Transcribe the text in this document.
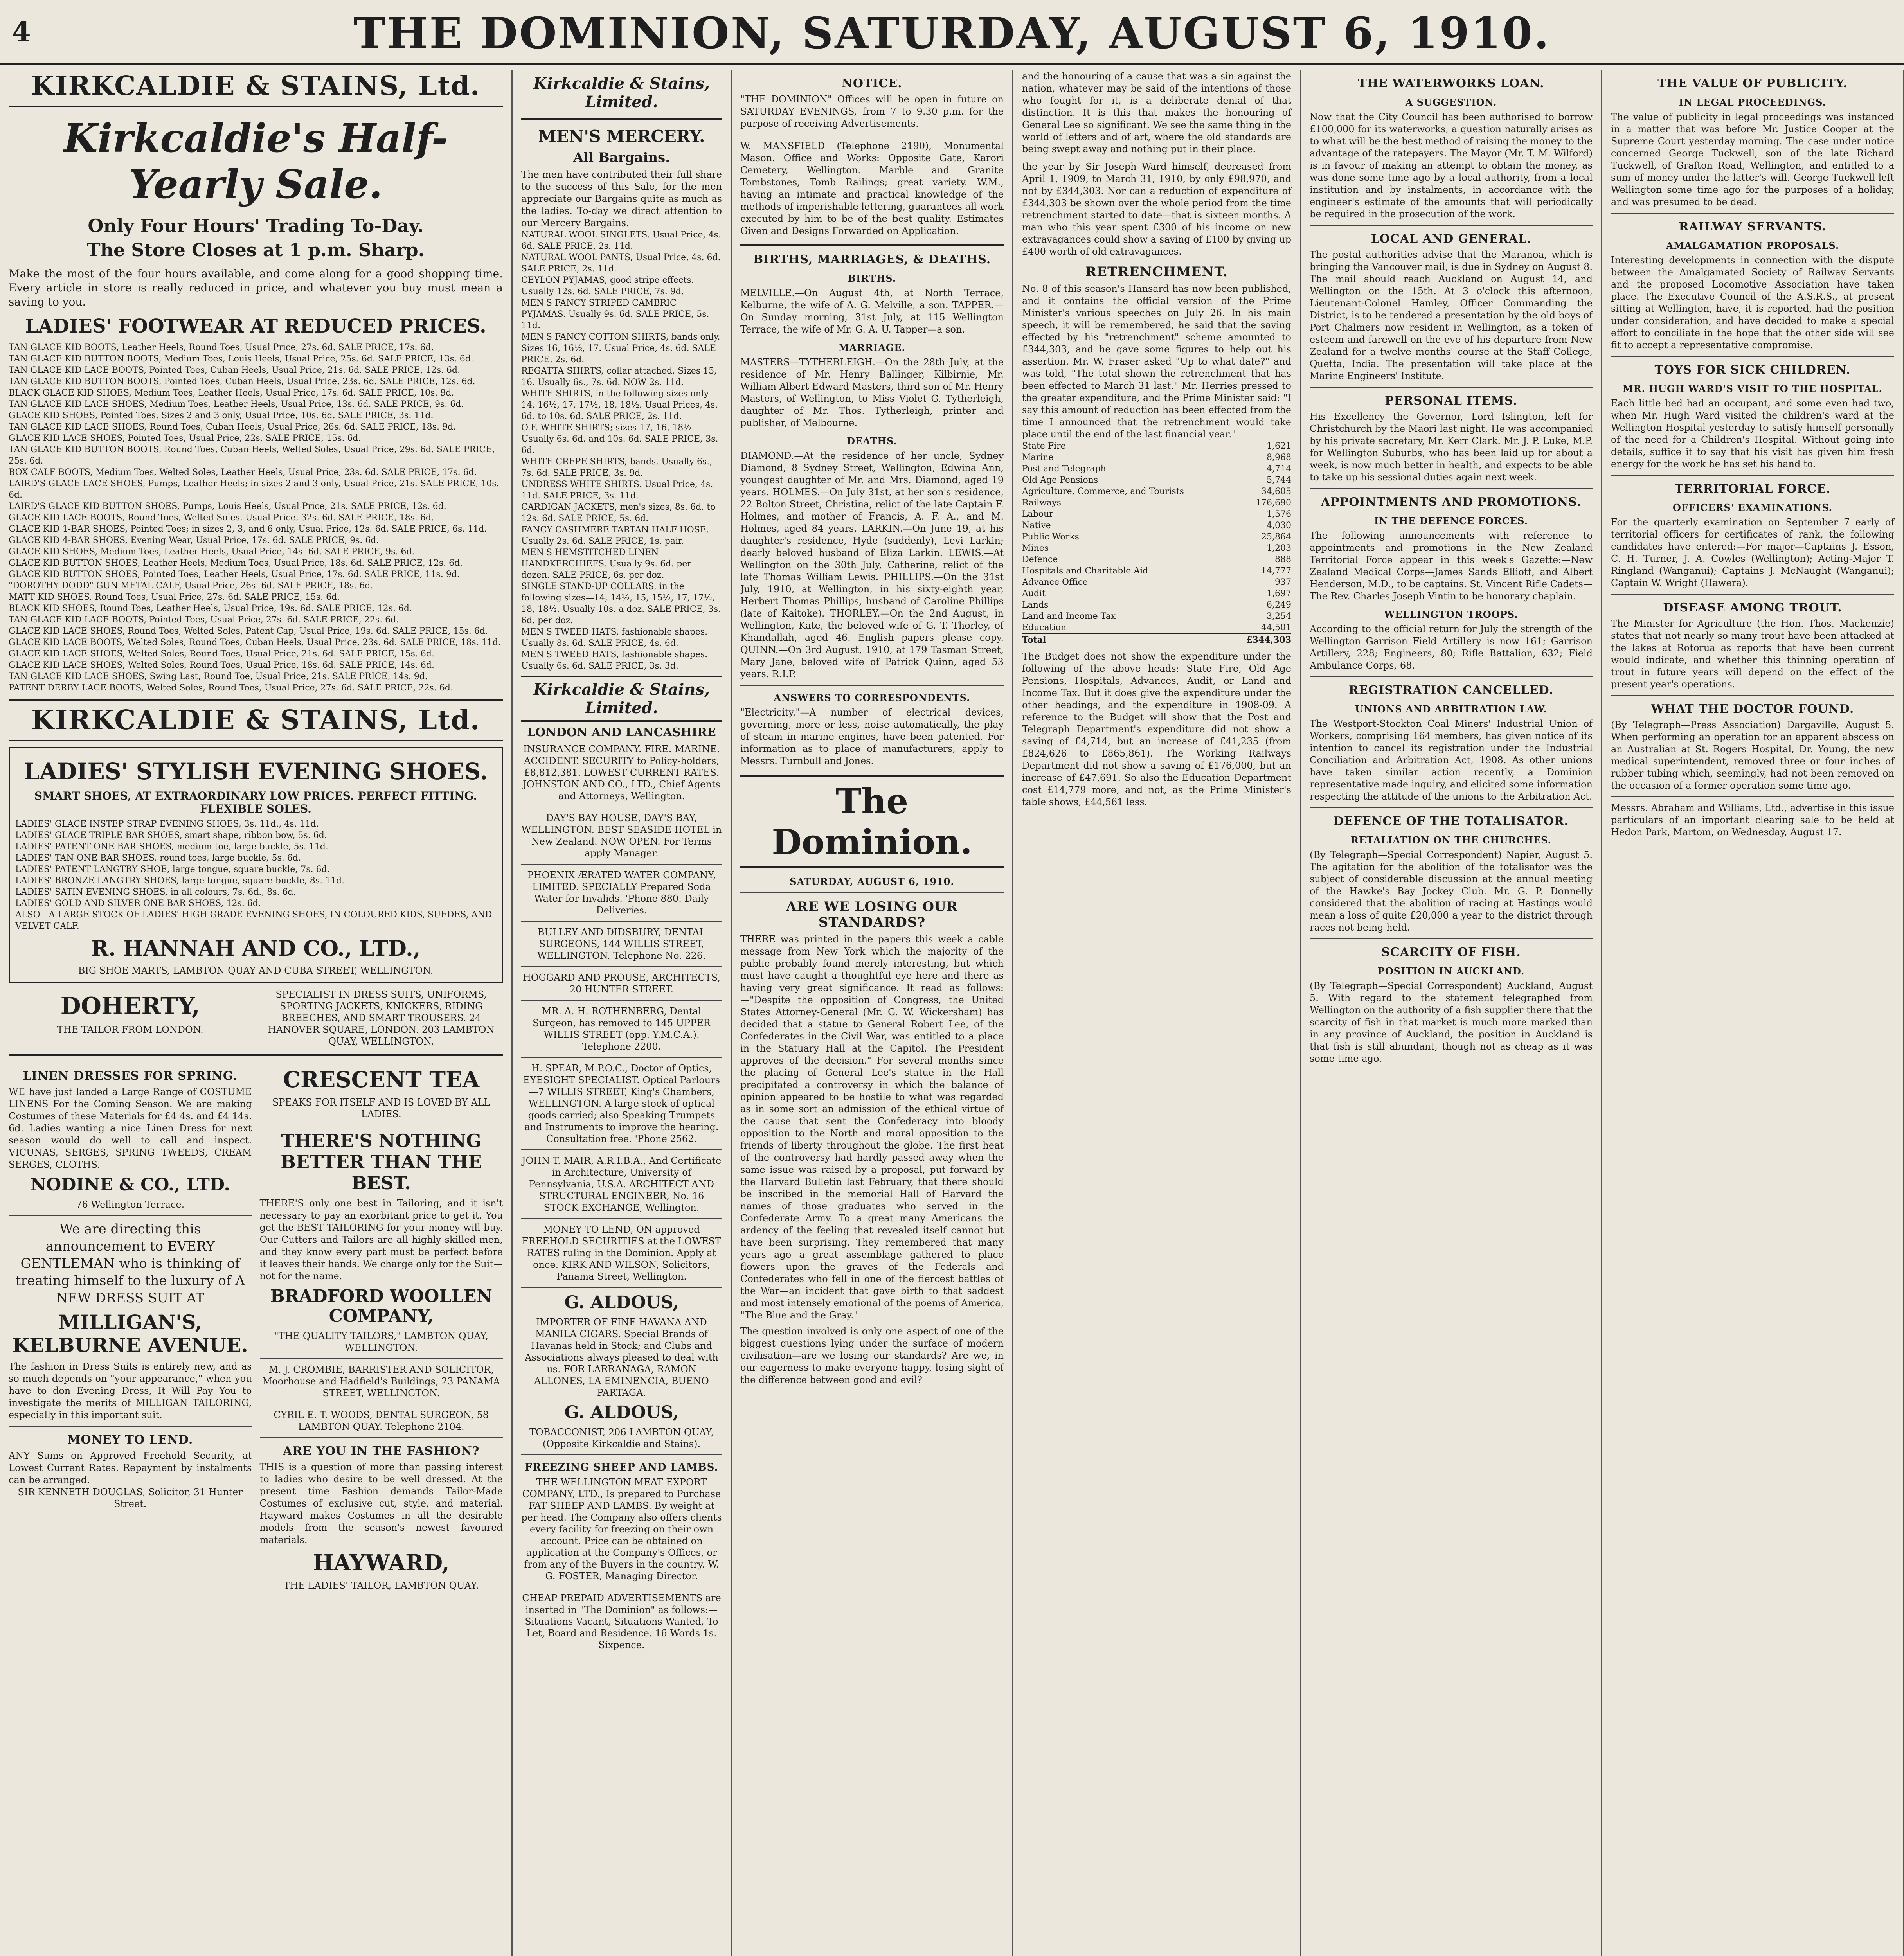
4	THE DOMINION, SATURDAY, AUGUST 6, 1910.
KIRKCALDIE & STAINS, Ltd.
Kirkcaldie's Half-Yearly Sale.
Only Four Hours' Trading To-Day.
The Store Closes at 1 p.m. Sharp.
Make the most of the four hours available, and come along for a good shopping time. Every article in store is really reduced in price, and whatever you buy must mean a saving to you.
LADIES' FOOTWEAR AT REDUCED PRICES.
TAN GLACE KID BOOTS, Leather Heels, Round Toes, Usual Price, 27s. 6d. SALE PRICE, 17s. 6d.
TAN GLACE KID BUTTON BOOTS, Medium Toes, Louis Heels, Usual Price, 25s. 6d. SALE PRICE, 13s. 6d.
TAN GLACE KID LACE BOOTS, Pointed Toes, Cuban Heels, Usual Price, 21s. 6d. SALE PRICE, 12s. 6d.
TAN GLACE KID BUTTON BOOTS, Pointed Toes, Cuban Heels, Usual Price, 23s. 6d. SALE PRICE, 12s. 6d.
BLACK GLACE KID SHOES, Medium Toes, Leather Heels, Usual Price, 17s. 6d. SALE PRICE, 10s. 9d.
TAN GLACE KID LACE SHOES, Medium Toes, Leather Heels, Usual Price, 13s. 6d. SALE PRICE, 9s. 6d.
GLACE KID SHOES, Pointed Toes, Sizes 2 and 3 only, Usual Price, 10s. 6d. SALE PRICE, 3s. 11d.
TAN GLACE KID LACE SHOES, Round Toes, Cuban Heels, Usual Price, 26s. 6d. SALE PRICE, 18s. 9d.
GLACE KID LACE SHOES, Pointed Toes, Usual Price, 22s. SALE PRICE, 15s. 6d.
TAN GLACE KID BUTTON BOOTS, Round Toes, Cuban Heels, Welted Soles, Usual Price, 29s. 6d. SALE PRICE, 25s. 6d.
BOX CALF BOOTS, Medium Toes, Welted Soles, Leather Heels, Usual Price, 23s. 6d. SALE PRICE, 17s. 6d.
LAIRD'S GLACE LACE SHOES, Pumps, Leather Heels; in sizes 2 and 3 only, Usual Price, 21s. SALE PRICE, 10s. 6d.
LAIRD'S GLACE KID BUTTON SHOES, Pumps, Louis Heels, Usual Price, 21s. SALE PRICE, 12s. 6d.
GLACE KID LACE BOOTS, Round Toes, Welted Soles, Usual Price, 32s. 6d. SALE PRICE, 18s. 6d.
GLACE KID 1-BAR SHOES, Pointed Toes; in sizes 2, 3, and 6 only, Usual Price, 12s. 6d. SALE PRICE, 6s. 11d.
GLACE KID 4-BAR SHOES, Evening Wear, Usual Price, 17s. 6d. SALE PRICE, 9s. 6d.
GLACE KID SHOES, Medium Toes, Leather Heels, Usual Price, 14s. 6d. SALE PRICE, 9s. 6d.
GLACE KID BUTTON SHOES, Leather Heels, Medium Toes, Usual Price, 18s. 6d. SALE PRICE, 12s. 6d.
GLACE KID BUTTON SHOES, Pointed Toes, Leather Heels, Usual Price, 17s. 6d. SALE PRICE, 11s. 9d.
"DOROTHY DODD" GUN-METAL CALF, Usual Price, 26s. 6d. SALE PRICE, 18s. 6d.
MATT KID SHOES, Round Toes, Usual Price, 27s. 6d. SALE PRICE, 15s. 6d.
BLACK KID SHOES, Round Toes, Leather Heels, Usual Price, 19s. 6d. SALE PRICE, 12s. 6d.
TAN GLACE KID LACE BOOTS, Pointed Toes, Usual Price, 27s. 6d. SALE PRICE, 22s. 6d.
GLACE KID LACE SHOES, Round Toes, Welted Soles, Patent Cap, Usual Price, 19s. 6d. SALE PRICE, 15s. 6d.
GLACE KID LACE BOOTS, Welted Soles, Round Toes, Cuban Heels, Usual Price, 23s. 6d. SALE PRICE, 18s. 11d.
GLACE KID LACE SHOES, Welted Soles, Round Toes, Usual Price, 21s. 6d. SALE PRICE, 15s. 6d.
GLACE KID LACE SHOES, Welted Soles, Round Toes, Usual Price, 18s. 6d. SALE PRICE, 14s. 6d.
TAN GLACE KID LACE SHOES, Swing Last, Round Toe, Usual Price, 21s. SALE PRICE, 14s. 9d.
PATENT DERBY LACE BOOTS, Welted Soles, Round Toes, Usual Price, 27s. 6d. SALE PRICE, 22s. 6d.
KIRKCALDIE & STAINS, Ltd.
LADIES' STYLISH EVENING SHOES.
SMART SHOES, AT EXTRAORDINARY LOW PRICES. PERFECT FITTING. FLEXIBLE SOLES.
LADIES' GLACE INSTEP STRAP EVENING SHOES, 3s. 11d., 4s. 11d.
LADIES' GLACE TRIPLE BAR SHOES, smart shape, ribbon bow, 5s. 6d.
LADIES' PATENT ONE BAR SHOES, medium toe, large buckle, 5s. 11d.
LADIES' TAN ONE BAR SHOES, round toes, large buckle, 5s. 6d.
LADIES' PATENT LANGTRY SHOE, large tongue, square buckle, 7s. 6d.
LADIES' BRONZE LANGTRY SHOES, large tongue, square buckle, 8s. 11d.
LADIES' SATIN EVENING SHOES, in all colours, 7s. 6d., 8s. 6d.
LADIES' GOLD AND SILVER ONE BAR SHOES, 12s. 6d.
ALSO—A LARGE STOCK OF LADIES' HIGH-GRADE EVENING SHOES, IN COLOURED KIDS, SUEDES, AND VELVET CALF.
R. HANNAH AND CO., LTD.,
BIG SHOE MARTS, LAMBTON QUAY AND CUBA STREET, WELLINGTON.
DOHERTY,
THE TAILOR FROM LONDON.
SPECIALIST IN DRESS SUITS, UNIFORMS, SPORTING JACKETS, KNICKERS, RIDING BREECHES, AND SMART TROUSERS. 24 HANOVER SQUARE, LONDON. 203 LAMBTON QUAY, WELLINGTON.
LINEN DRESSES FOR SPRING.
WE have just landed a Large Range of COSTUME LINENS For the Coming Season. We are making Costumes of these Materials for £4 4s. and £4 14s. 6d. Ladies wanting a nice Linen Dress for next season would do well to call and inspect. VICUNAS, SERGES, SPRING TWEEDS, CREAM SERGES, CLOTHS.
NODINE & CO., LTD.
76 Wellington Terrace.
We are directing this announcement to EVERY GENTLEMAN who is thinking of treating himself to the luxury of A NEW DRESS SUIT AT
MILLIGAN'S, KELBURNE AVENUE.
The fashion in Dress Suits is entirely new, and as so much depends on "your appearance," when you have to don Evening Dress, It Will Pay You to investigate the merits of MILLIGAN TAILORING, especially in this important suit.
MONEY TO LEND.
ANY Sums on Approved Freehold Security, at Lowest Current Rates. Repayment by instalments can be arranged.
SIR KENNETH DOUGLAS, Solicitor, 31 Hunter Street.
CRESCENT TEA
SPEAKS FOR ITSELF AND IS LOVED BY ALL LADIES.
THERE'S NOTHING BETTER THAN THE BEST.
THERE'S only one best in Tailoring, and it isn't necessary to pay an exorbitant price to get it. You get the BEST TAILORING for your money will buy. Our Cutters and Tailors are all highly skilled men, and they know every part must be perfect before it leaves their hands. We charge only for the Suit—not for the name.
BRADFORD WOOLLEN COMPANY,
"THE QUALITY TAILORS," LAMBTON QUAY, WELLINGTON.
M. J. CROMBIE, BARRISTER AND SOLICITOR, Moorhouse and Hadfield's Buildings, 23 PANAMA STREET, WELLINGTON.
CYRIL E. T. WOODS, DENTAL SURGEON, 58 LAMBTON QUAY. Telephone 2104.
ARE YOU IN THE FASHION?
THIS is a question of more than passing interest to ladies who desire to be well dressed. At the present time Fashion demands Tailor-Made Costumes of exclusive cut, style, and material. Hayward makes Costumes in all the desirable models from the season's newest favoured materials.
HAYWARD,
THE LADIES' TAILOR, LAMBTON QUAY.
Kirkcaldie & Stains, Limited.
MEN'S MERCERY.
All Bargains.
The men have contributed their full share to the success of this Sale, for the men appreciate our Bargains quite as much as the ladies. To-day we direct attention to our Mercery Bargains.
NATURAL WOOL SINGLETS. Usual Price, 4s. 6d. SALE PRICE, 2s. 11d.
NATURAL WOOL PANTS, Usual Price, 4s. 6d. SALE PRICE, 2s. 11d.
CEYLON PYJAMAS, good stripe effects. Usually 12s. 6d. SALE PRICE, 7s. 9d.
MEN'S FANCY STRIPED CAMBRIC PYJAMAS. Usually 9s. 6d. SALE PRICE, 5s. 11d.
MEN'S FANCY COTTON SHIRTS, bands only. Sizes 16, 16½, 17. Usual Price, 4s. 6d. SALE PRICE, 2s. 6d.
REGATTA SHIRTS, collar attached. Sizes 15, 16. Usually 6s., 7s. 6d. NOW 2s. 11d.
WHITE SHIRTS, in the following sizes only—14, 16½, 17, 17½, 18, 18½. Usual Prices, 4s. 6d. to 10s. 6d. SALE PRICE, 2s. 11d.
O.F. WHITE SHIRTS; sizes 17, 16, 18½. Usually 6s. 6d. and 10s. 6d. SALE PRICE, 3s. 6d.
WHITE CREPE SHIRTS, bands. Usually 6s., 7s. 6d. SALE PRICE, 3s. 9d.
UNDRESS WHITE SHIRTS. Usual Price, 4s. 11d. SALE PRICE, 3s. 11d.
CARDIGAN JACKETS, men's sizes, 8s. 6d. to 12s. 6d. SALE PRICE, 5s. 6d.
FANCY CASHMERE TARTAN HALF-HOSE. Usually 2s. 6d. SALE PRICE, 1s. pair.
MEN'S HEMSTITCHED LINEN HANDKERCHIEFS. Usually 9s. 6d. per dozen. SALE PRICE, 6s. per doz.
SINGLE STAND-UP COLLARS, in the following sizes—14, 14½, 15, 15½, 17, 17½, 18, 18½. Usually 10s. a doz. SALE PRICE, 3s. 6d. per doz.
MEN'S TWEED HATS, fashionable shapes. Usually 8s. 6d. SALE PRICE, 4s. 6d.
MEN'S TWEED HATS, fashionable shapes. Usually 6s. 6d. SALE PRICE, 3s. 3d.
Kirkcaldie & Stains, Limited.
LONDON AND LANCASHIRE
INSURANCE COMPANY. FIRE. MARINE. ACCIDENT. SECURITY to Policy-holders, £8,812,381. LOWEST CURRENT RATES. JOHNSTON AND CO., LTD., Chief Agents and Attorneys, Wellington.
DAY'S BAY HOUSE, DAY'S BAY, WELLINGTON. BEST SEASIDE HOTEL in New Zealand. NOW OPEN. For Terms apply Manager.
PHOENIX ÆRATED WATER COMPANY, LIMITED. SPECIALLY Prepared Soda Water for Invalids. 'Phone 880. Daily Deliveries.
BULLEY AND DIDSBURY, DENTAL SURGEONS, 144 WILLIS STREET, WELLINGTON. Telephone No. 226.
HOGGARD AND PROUSE, ARCHITECTS, 20 HUNTER STREET.
MR. A. H. ROTHENBERG, Dental Surgeon, has removed to 145 UPPER WILLIS STREET (opp. Y.M.C.A.). Telephone 2200.
H. SPEAR, M.P.O.C., Doctor of Optics, EYESIGHT SPECIALIST. Optical Parlours—7 WILLIS STREET, King's Chambers, WELLINGTON. A large stock of optical goods carried; also Speaking Trumpets and Instruments to improve the hearing. Consultation free. 'Phone 2562.
JOHN T. MAIR, A.R.I.B.A., And Certificate in Architecture, University of Pennsylvania, U.S.A. ARCHITECT AND STRUCTURAL ENGINEER, No. 16 STOCK EXCHANGE, Wellington.
MONEY TO LEND, ON approved FREEHOLD SECURITIES at the LOWEST RATES ruling in the Dominion. Apply at once. KIRK AND WILSON, Solicitors, Panama Street, Wellington.
G. ALDOUS,
IMPORTER OF FINE HAVANA AND MANILA CIGARS. Special Brands of Havanas held in Stock; and Clubs and Associations always pleased to deal with us. FOR LARRANAGA, RAMON ALLONES, LA EMINENCIA, BUENO PARTAGA.
G. ALDOUS,
TOBACCONIST, 206 LAMBTON QUAY, (Opposite Kirkcaldie and Stains).
FREEZING SHEEP AND LAMBS.
THE WELLINGTON MEAT EXPORT COMPANY, LTD., Is prepared to Purchase FAT SHEEP AND LAMBS. By weight at per head. The Company also offers clients every facility for freezing on their own account. Price can be obtained on application at the Company's Offices, or from any of the Buyers in the country. W. G. FOSTER, Managing Director.
CHEAP PREPAID ADVERTISEMENTS are inserted in "The Dominion" as follows:—Situations Vacant, Situations Wanted, To Let, Board and Residence. 16 Words 1s. Sixpence.
NOTICE.
"THE DOMINION" Offices will be open in future on SATURDAY EVENINGS, from 7 to 9.30 p.m. for the purpose of receiving Advertisements.
W. MANSFIELD (Telephone 2190), Monumental Mason. Office and Works: Opposite Gate, Karori Cemetery, Wellington. Marble and Granite Tombstones, Tomb Railings; great variety. W.M., having an intimate and practical knowledge of the methods of imperishable lettering, guarantees all work executed by him to be of the best quality. Estimates Given and Designs Forwarded on Application.
BIRTHS, MARRIAGES, & DEATHS.
BIRTHS.
MELVILLE.—On August 4th, at North Terrace, Kelburne, the wife of A. G. Melville, a son. TAPPER.—On Sunday morning, 31st July, at 115 Wellington Terrace, the wife of Mr. G. A. U. Tapper—a son.
MARRIAGE.
MASTERS—TYTHERLEIGH.—On the 28th July, at the residence of Mr. Henry Ballinger, Kilbirnie, Mr. William Albert Edward Masters, third son of Mr. Henry Masters, of Wellington, to Miss Violet G. Tytherleigh, daughter of Mr. Thos. Tytherleigh, printer and publisher, of Melbourne.
DEATHS.
DIAMOND.—At the residence of her uncle, Sydney Diamond, 8 Sydney Street, Wellington, Edwina Ann, youngest daughter of Mr. and Mrs. Diamond, aged 19 years. HOLMES.—On July 31st, at her son's residence, 22 Bolton Street, Christina, relict of the late Captain F. Holmes, and mother of Francis, A. F. A., and M. Holmes, aged 84 years. LARKIN.—On June 19, at his daughter's residence, Hyde (suddenly), Levi Larkin; dearly beloved husband of Eliza Larkin. LEWIS.—At Wellington on the 30th July, Catherine, relict of the late Thomas William Lewis. PHILLIPS.—On the 31st July, 1910, at Wellington, in his sixty-eighth year, Herbert Thomas Phillips, husband of Caroline Phillips (late of Kaitoke). THORLEY.—On the 2nd August, in Wellington, Kate, the beloved wife of G. T. Thorley, of Khandallah, aged 46. English papers please copy. QUINN.—On 3rd August, 1910, at 179 Tasman Street, Mary Jane, beloved wife of Patrick Quinn, aged 53 years. R.I.P.
ANSWERS TO CORRESPONDENTS.
"Electricity."—A number of electrical devices, governing, more or less, noise automatically, the play of steam in marine engines, have been patented. For information as to place of manufacturers, apply to Messrs. Turnbull and Jones.
The Dominion.
SATURDAY, AUGUST 6, 1910.
ARE WE LOSING OUR STANDARDS?
THERE was printed in the papers this week a cable message from New York which the majority of the public probably found merely interesting, but which must have caught a thoughtful eye here and there as having very great significance. It read as follows:—"Despite the opposition of Congress, the United States Attorney-General (Mr. G. W. Wickersham) has decided that a statue to General Robert Lee, of the Confederates in the Civil War, was entitled to a place in the Statuary Hall at the Capitol. The President approves of the decision." For several months since the placing of General Lee's statue in the Hall precipitated a controversy in which the balance of opinion appeared to be hostile to what was regarded as in some sort an admission of the ethical virtue of the cause that sent the Confederacy into bloody opposition to the North and moral opposition to the friends of liberty throughout the globe. The first heat of the controversy had hardly passed away when the same issue was raised by a proposal, put forward by the Harvard Bulletin last February, that there should be inscribed in the memorial Hall of Harvard the names of those graduates who served in the Confederate Army. To a great many Americans the ardency of the feeling that revealed itself cannot but have been surprising. They remembered that many years ago a great assemblage gathered to place flowers upon the graves of the Federals and Confederates who fell in one of the fiercest battles of the War—an incident that gave birth to that saddest and most intensely emotional of the poems of America, "The Blue and the Gray."
The question involved is only one aspect of one of the biggest questions lying under the surface of modern civilisation—are we losing our standards? Are we, in our eagerness to make everyone happy, losing sight of the difference between good and evil?
and the honouring of a cause that was a sin against the nation, whatever may be said of the intentions of those who fought for it, is a deliberate denial of that distinction. It is this that makes the honouring of General Lee so significant. We see the same thing in the world of letters and of art, where the old standards are being swept away and nothing put in their place.
the year by Sir Joseph Ward himself, decreased from April 1, 1909, to March 31, 1910, by only £98,970, and not by £344,303. Nor can a reduction of expenditure of £344,303 be shown over the whole period from the time retrenchment started to date—that is sixteen months. A man who this year spent £300 of his income on new extravagances could show a saving of £100 by giving up £400 worth of old extravagances.
RETRENCHMENT.
No. 8 of this season's Hansard has now been published, and it contains the official version of the Prime Minister's various speeches on July 26. In his main speech, it will be remembered, he said that the saving effected by his "retrenchment" scheme amounted to £344,303, and he gave some figures to help out his assertion. Mr. W. Fraser asked "Up to what date?" and was told, "The total shown the retrenchment that has been effected to March 31 last." Mr. Herries pressed to the greater expenditure, and the Prime Minister said: "I say this amount of reduction has been effected from the time I announced that the retrenchment would take place until the end of the last financial year."
State Fire	1,621
Marine	8,968
Post and Telegraph	4,714
Old Age Pensions	5,744
Agriculture, Commerce, and Tourists	34,605
Railways	176,690
Labour	1,576
Native	4,030
Public Works	25,864
Mines	1,203
Defence	888
Hospitals and Charitable Aid	14,777
Advance Office	937
Audit	1,697
Lands	6,249
Land and Income Tax	3,254
Education	44,501
Total	£344,303
The Budget does not show the expenditure under the following of the above heads: State Fire, Old Age Pensions, Hospitals, Advances, Audit, or Land and Income Tax. But it does give the expenditure under the other headings, and the expenditure in 1908-09. A reference to the Budget will show that the Post and Telegraph Department's expenditure did not show a saving of £4,714, but an increase of £41,235 (from £824,626 to £865,861). The Working Railways Department did not show a saving of £176,000, but an increase of £47,691. So also the Education Department cost £14,779 more, and not, as the Prime Minister's table shows, £44,561 less.
THE WATERWORKS LOAN.
A SUGGESTION.
Now that the City Council has been authorised to borrow £100,000 for its waterworks, a question naturally arises as to what will be the best method of raising the money to the advantage of the ratepayers. The Mayor (Mr. T. M. Wilford) is in favour of making an attempt to obtain the money, as was done some time ago by a local authority, from a local institution and by instalments, in accordance with the engineer's estimate of the amounts that will periodically be required in the prosecution of the work.
LOCAL AND GENERAL.
The postal authorities advise that the Maranoa, which is bringing the Vancouver mail, is due in Sydney on August 8. The mail should reach Auckland on August 14, and Wellington on the 15th. At 3 o'clock this afternoon, Lieutenant-Colonel Hamley, Officer Commanding the District, is to be tendered a presentation by the old boys of Port Chalmers now resident in Wellington, as a token of esteem and farewell on the eve of his departure from New Zealand for a twelve months' course at the Staff College, Quetta, India. The presentation will take place at the Marine Engineers' Institute.
PERSONAL ITEMS.
His Excellency the Governor, Lord Islington, left for Christchurch by the Maori last night. He was accompanied by his private secretary, Mr. Kerr Clark. Mr. J. P. Luke, M.P. for Wellington Suburbs, who has been laid up for about a week, is now much better in health, and expects to be able to take up his sessional duties again next week.
APPOINTMENTS AND PROMOTIONS.
IN THE DEFENCE FORCES.
The following announcements with reference to appointments and promotions in the New Zealand Territorial Force appear in this week's Gazette:—New Zealand Medical Corps—James Sands Elliott, and Albert Henderson, M.D., to be captains. St. Vincent Rifle Cadets—The Rev. Charles Joseph Vintin to be honorary chaplain.
WELLINGTON TROOPS.
According to the official return for July the strength of the Wellington Garrison Field Artillery is now 161; Garrison Artillery, 228; Engineers, 80; Rifle Battalion, 632; Field Ambulance Corps, 68.
REGISTRATION CANCELLED.
UNIONS AND ARBITRATION LAW.
The Westport-Stockton Coal Miners' Industrial Union of Workers, comprising 164 members, has given notice of its intention to cancel its registration under the Industrial Conciliation and Arbitration Act, 1908. As other unions have taken similar action recently, a Dominion representative made inquiry, and elicited some information respecting the attitude of the unions to the Arbitration Act.
DEFENCE OF THE TOTALISATOR.
RETALIATION ON THE CHURCHES.
(By Telegraph—Special Correspondent) Napier, August 5. The agitation for the abolition of the totalisator was the subject of considerable discussion at the annual meeting of the Hawke's Bay Jockey Club. Mr. G. P. Donnelly considered that the abolition of racing at Hastings would mean a loss of quite £20,000 a year to the district through races not being held.
SCARCITY OF FISH.
POSITION IN AUCKLAND.
(By Telegraph—Special Correspondent) Auckland, August 5. With regard to the statement telegraphed from Wellington on the authority of a fish supplier there that the scarcity of fish in that market is much more marked than in any province of Auckland, the position in Auckland is that fish is still abundant, though not as cheap as it was some time ago.
THE VALUE OF PUBLICITY.
IN LEGAL PROCEEDINGS.
The value of publicity in legal proceedings was instanced in a matter that was before Mr. Justice Cooper at the Supreme Court yesterday morning. The case under notice concerned George Tuckwell, son of the late Richard Tuckwell, of Grafton Road, Wellington, and entitled to a sum of money under the latter's will. George Tuckwell left Wellington some time ago for the purposes of a holiday, and was presumed to be dead.
RAILWAY SERVANTS.
AMALGAMATION PROPOSALS.
Interesting developments in connection with the dispute between the Amalgamated Society of Railway Servants and the proposed Locomotive Association have taken place. The Executive Council of the A.S.R.S., at present sitting at Wellington, have, it is reported, had the position under consideration, and have decided to make a special effort to conciliate in the hope that the other side will see fit to accept a representative compromise.
TOYS FOR SICK CHILDREN.
MR. HUGH WARD'S VISIT TO THE HOSPITAL.
Each little bed had an occupant, and some even had two, when Mr. Hugh Ward visited the children's ward at the Wellington Hospital yesterday to satisfy himself personally of the need for a Children's Hospital. Without going into details, suffice it to say that his visit has given him fresh energy for the work he has set his hand to.
TERRITORIAL FORCE.
OFFICERS' EXAMINATIONS.
For the quarterly examination on September 7 early of territorial officers for certificates of rank, the following candidates have entered:—For major—Captains J. Esson, C. H. Turner, J. A. Cowles (Wellington); Acting-Major T. Ringland (Wanganui); Captains J. McNaught (Wanganui); Captain W. Wright (Hawera).
DISEASE AMONG TROUT.
The Minister for Agriculture (the Hon. Thos. Mackenzie) states that not nearly so many trout have been attacked at the lakes at Rotorua as reports that have been current would indicate, and whether this thinning operation of trout in future years will depend on the effect of the present year's operations.
WHAT THE DOCTOR FOUND.
(By Telegraph—Press Association) Dargaville, August 5. When performing an operation for an apparent abscess on an Australian at St. Rogers Hospital, Dr. Young, the new medical superintendent, removed three or four inches of rubber tubing which, seemingly, had not been removed on the occasion of a former operation some time ago.
Messrs. Abraham and Williams, Ltd., advertise in this issue particulars of an important clearing sale to be held at Hedon Park, Martom, on Wednesday, August 17.
